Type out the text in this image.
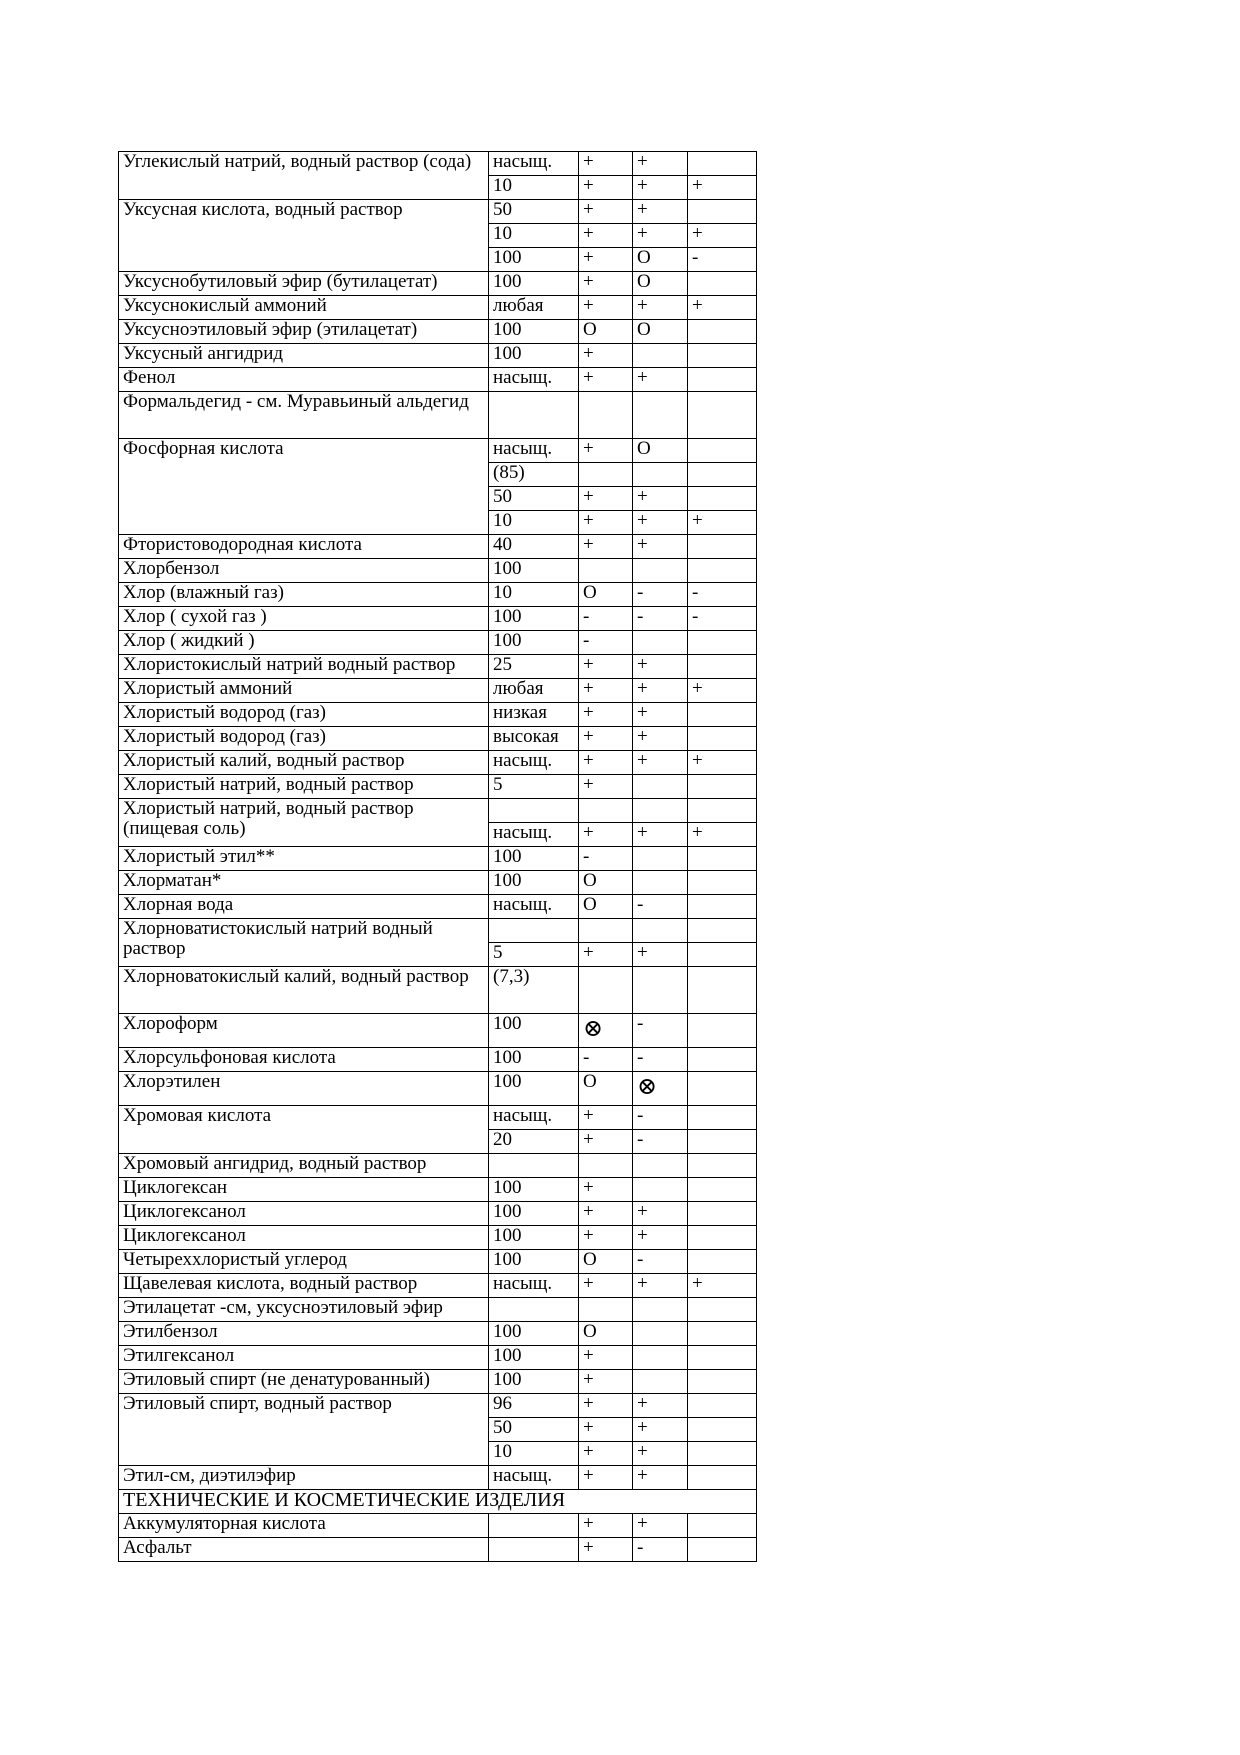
Углекислый натрий, водный раствор (сода)	насыщ.	+	+	
	10	+	+	+
Уксусная кислота, водный раствор	50	+	+	
	10	+	+	+
	100	+	O	-
Уксуснобутиловый эфир (бутилацетат)	100	+	O	
Уксуснокислый аммоний	любая	+	+	+
Уксусноэтиловый эфир (этилацетат)	100	O	O	
Уксусный ангидрид	100	+		
Фенол	насыщ.	+	+	
Формальдегид - см. Муравьиный альдегид				
Фосфорная кислота	насыщ.	+	O	
	(85)			
	50	+	+	
	10	+	+	+
Фтористоводородная кислота	40	+	+	
Хлорбензол	100			
Хлор (влажный газ)	10	O	-	-
Хлор ( сухой газ )	100	-	-	-
Хлор ( жидкий )	100	-		
Хлористокислый натрий водный раствор	25	+	+	
Хлористый аммоний	любая	+	+	+
Хлористый водород (газ)	низкая	+	+	
Хлористый водород (газ)	высокая	+	+	
Хлористый калий, водный раствор	насыщ.	+	+	+
Хлористый натрий, водный раствор	5	+		
Хлористый натрий, водный раствор (пищевая соль)				
	насыщ.	+	+	+
Хлористый этил**	100	-		
Хлорматан*	100	O		
Хлорная вода	насыщ.	O	-	
Хлорноватистокислый натрий водный раствор				
	5	+	+	
Хлорноватокислый калий, водный раствор	(7,3)			
Хлороформ	100	⊗	-	
Хлорсульфоновая кислота	100	-	-	
Хлорэтилен	100	O	⊗	
Хромовая кислота	насыщ.	+	-	
	20	+	-	
Хромовый ангидрид, водный раствор				
Циклогексан	100	+		
Циклогексанол	100	+	+	
Циклогексанол	100	+	+	
Четыреххлористый углерод	100	O	-	
Щавелевая кислота, водный раствор	насыщ.	+	+	+
Этилацетат -см, уксусноэтиловый эфир				
Этилбензол	100	O		
Этилгексанол	100	+		
Этиловый спирт (не денатурованный)	100	+		
Этиловый спирт, водный раствор	96	+	+	
	50	+	+	
	10	+	+	
Этил-см, диэтилэфир	насыщ.	+	+	
ТЕХНИЧЕСКИЕ И КОСМЕТИЧЕСКИЕ ИЗДЕЛИЯ				
Аккумуляторная кислота		+	+	
Асфальт		+	-	
